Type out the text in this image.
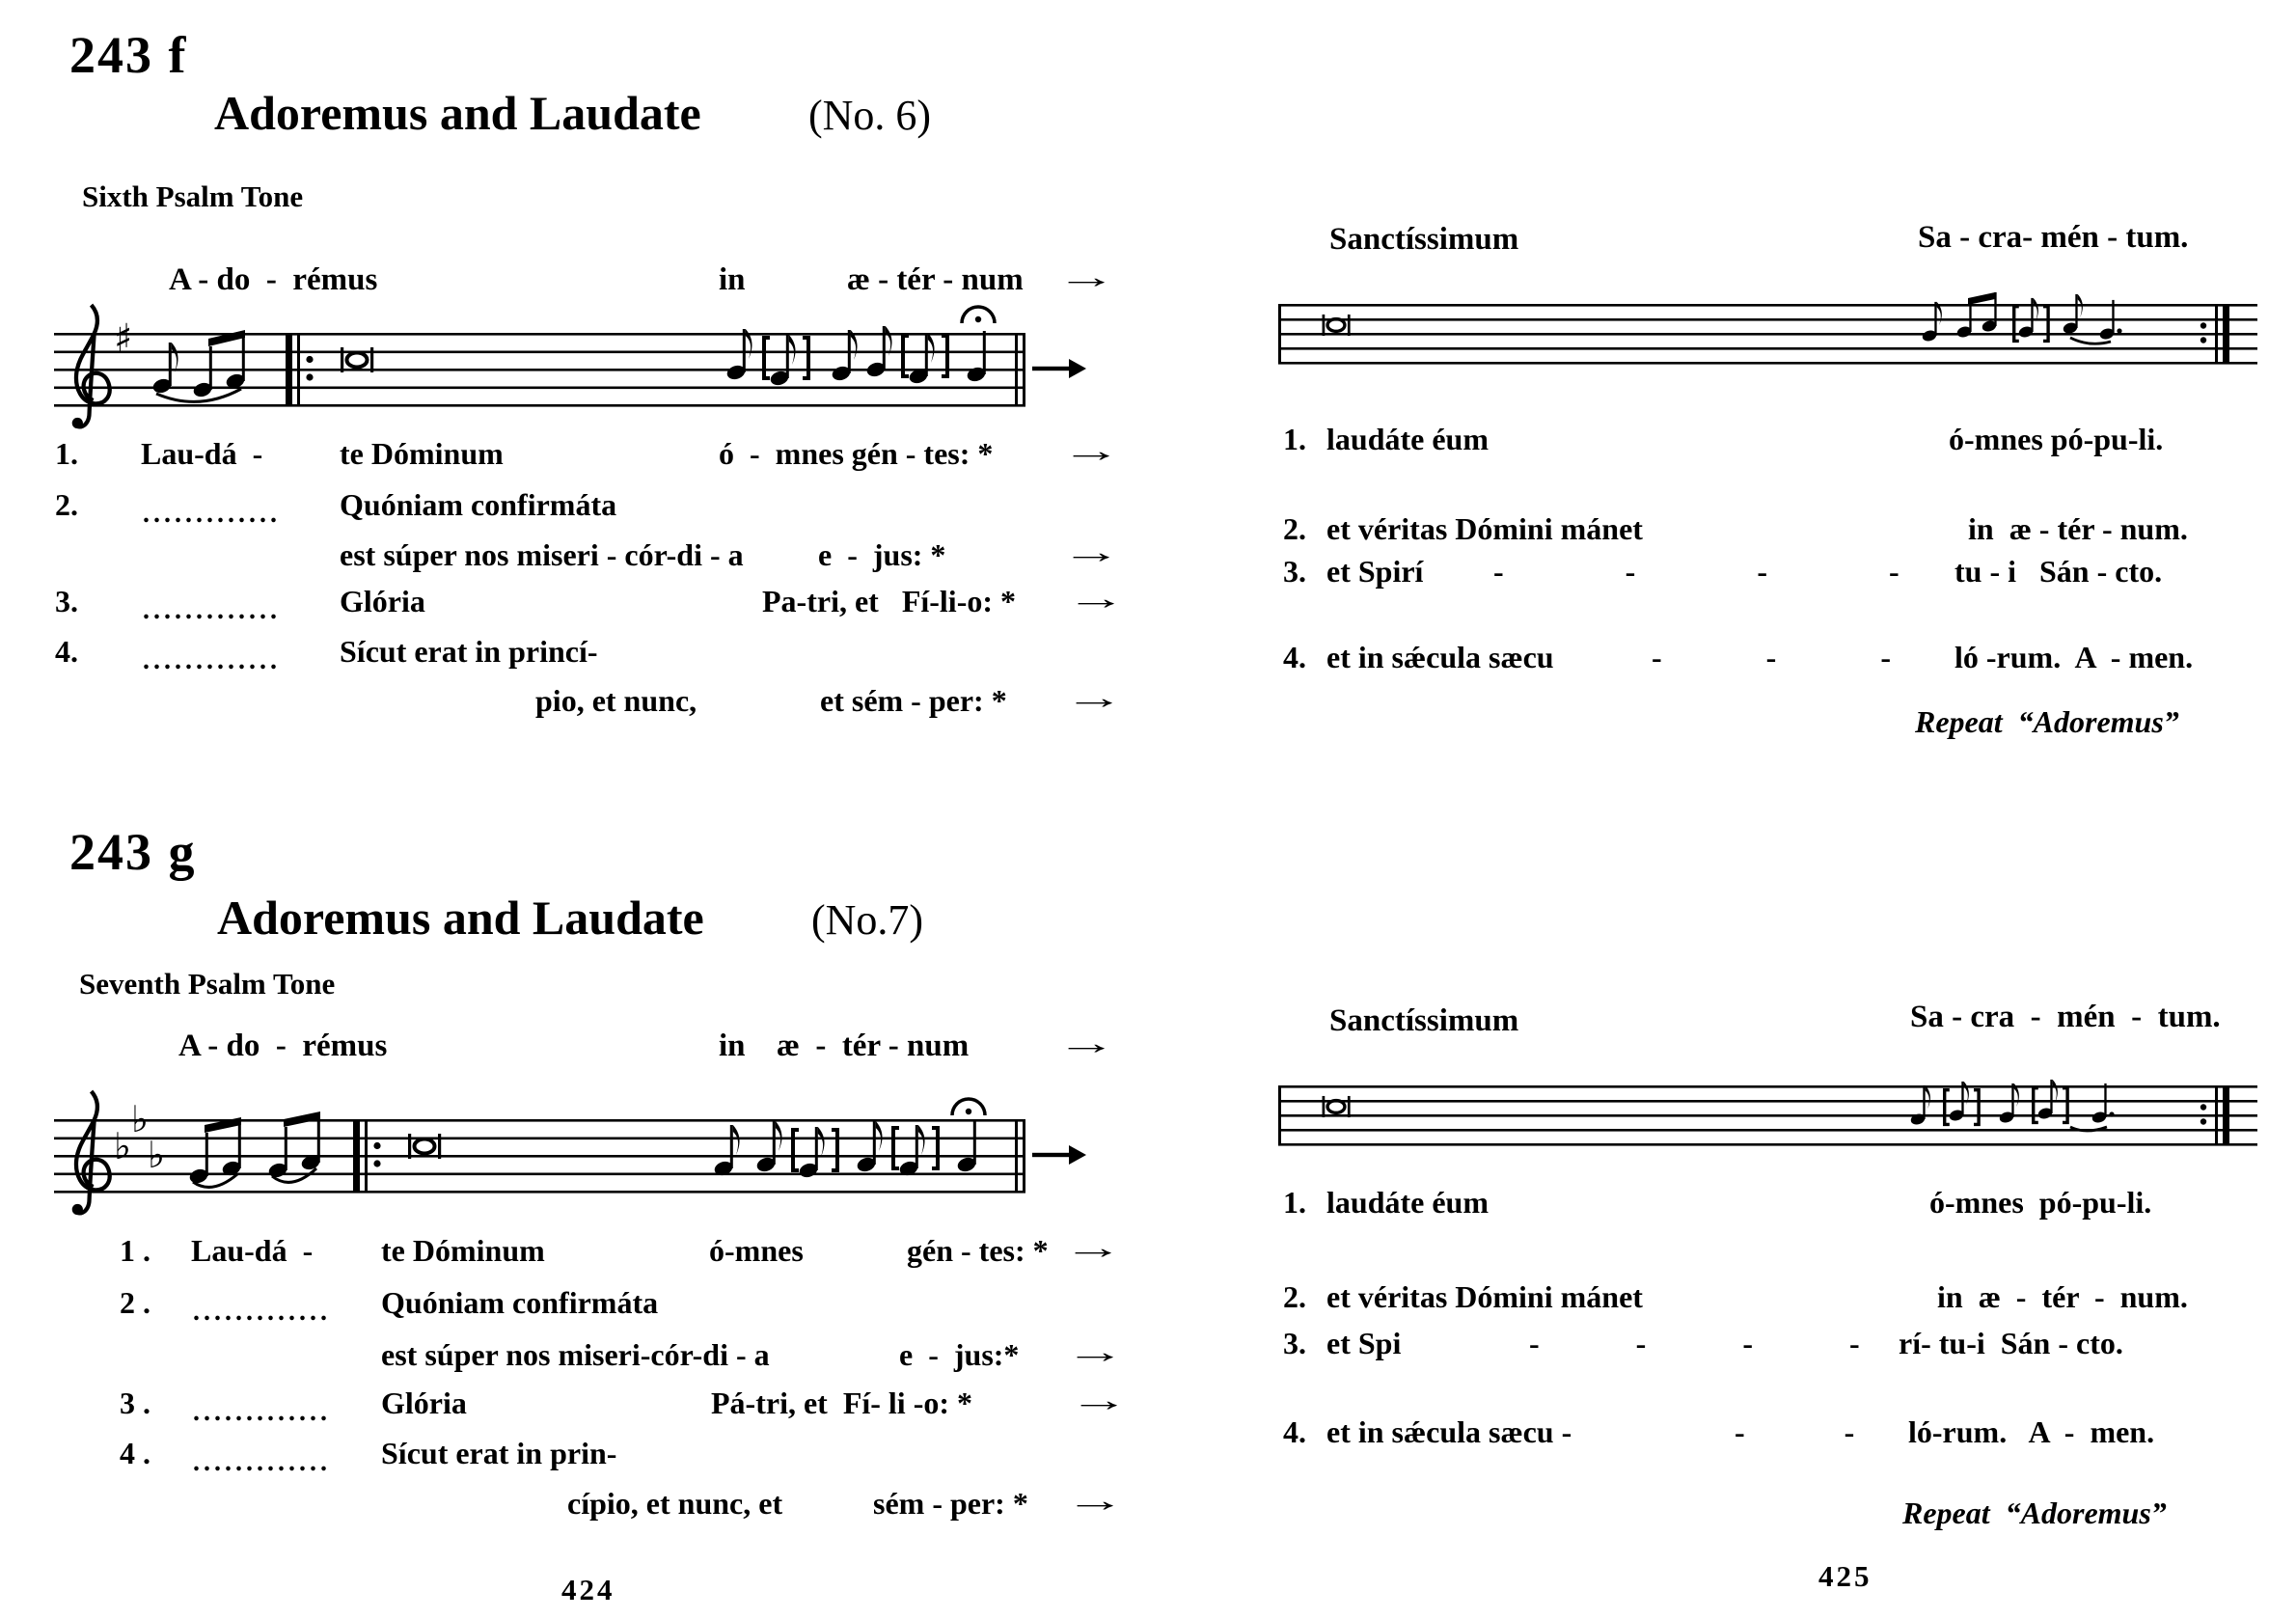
243 f
Adoremus and Laudate	(No. 6)
Sixth Psalm Tone
A - do  -  rémus	in	æ - tér - num →
♯
1. Lau-dá  - te Dóminum	ó  -  mnes gén - tes: * →
2. ............. Quóniam confirmáta
est súper nos miseri - cór-di - a e  -  jus: *	→
3. ............. Glória	Pa-tri, et   Fí-li-o: * →
4. ............. Sícut erat in princí-
pio, et nunc,	et sém - per: * →
243 g
Adoremus and Laudate	(No.7)
Seventh Psalm Tone
A - do  -  rémus	in æ  -  tér - num	→
♭
♭
♭
1 . Lau-dá  - te Dóminum	ó-mnes	gén - tes: * →
2 . ............. Quóniam confirmáta
est súper nos miseri-cór-di - a	e  -  jus:* →
3 . ............. Glória	Pá-tri, et  Fí- li -o: *	→
4 . ............. Sícut erat in prin-
cípio, et nunc, et	sém - per: * →
424
Sanctíssimum	Sa - cra- mén - tum.
1. laudáte éum	ó-mnes pó-pu-li.
2. et véritas Dómini mánet	in  æ - tér - num.
3. et Spirí - - - - tu - i   Sán - cto.
4. et in sǽcula sæcu	- - - ló -rum.  A  - men.
Repeat  “Adoremus”
Sanctíssimum	Sa - cra  -  mén  -  tum.
1. laudáte éum	ó-mnes  pó-pu-li.
2. et véritas Dómini mánet	in  æ  -  tér  -  num.
3. et Spi	- - - - rí- tu-i  Sán - cto.
4. et in sǽcula sæcu -	- - ló-rum.   A  -  men.
Repeat  “Adoremus”
425
